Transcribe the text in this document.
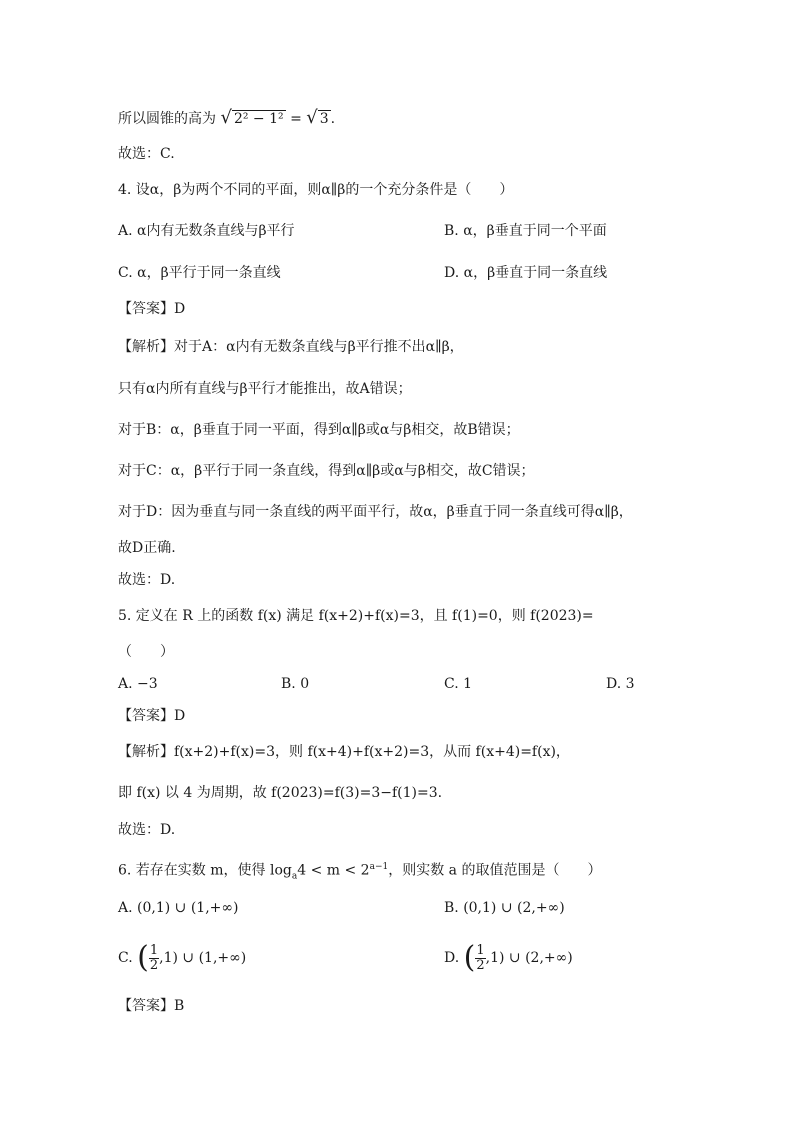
所以圆锥的高为 √ 2² − 1² = √ 3 .
故选：C.
4. 设α，β为两个不同的平面，则α∥β的一个充分条件是（　　）
A. α内有无数条直线与β平行	B. α，β垂直于同一个平面
C. α，β平行于同一条直线	D. α，β垂直于同一条直线
【答案】D
【解析】对于A：α内有无数条直线与β平行推不出α∥β，
只有α内所有直线与β平行才能推出，故A错误；
对于B：α，β垂直于同一平面，得到α∥β或α与β相交，故B错误；
对于C：α，β平行于同一条直线，得到α∥β或α与β相交，故C错误；
对于D：因为垂直与同一条直线的两平面平行，故α，β垂直于同一条直线可得α∥β，
故D正确.
故选：D.
5. 定义在 R 上的函数 f(x) 满足 f(x+2)+f(x)=3，且 f(1)=0，则 f(2023)=
（　　）
A. −3	B. 0	C. 1	D. 3
【答案】D
【解析】f(x+2)+f(x)=3，则 f(x+4)+f(x+2)=3，从而 f(x+4)=f(x)，
即 f(x) 以 4 为周期，故 f(2023)=f(3)=3−f(1)=3.
故选：D.
6. 若存在实数 m，使得 $\log_a4 < m < 2^{a-1}$，则实数 a 的取值范围是（　　）
A. (0,1) ∪ (1,+∞)	B. (0,1) ∪ (2,+∞)
C. ( $\frac{1}{2} ,1$) ∪ (1,+∞)	D. ( $\frac{1}{2} ,1$) ∪ (2,+∞)
【答案】B
